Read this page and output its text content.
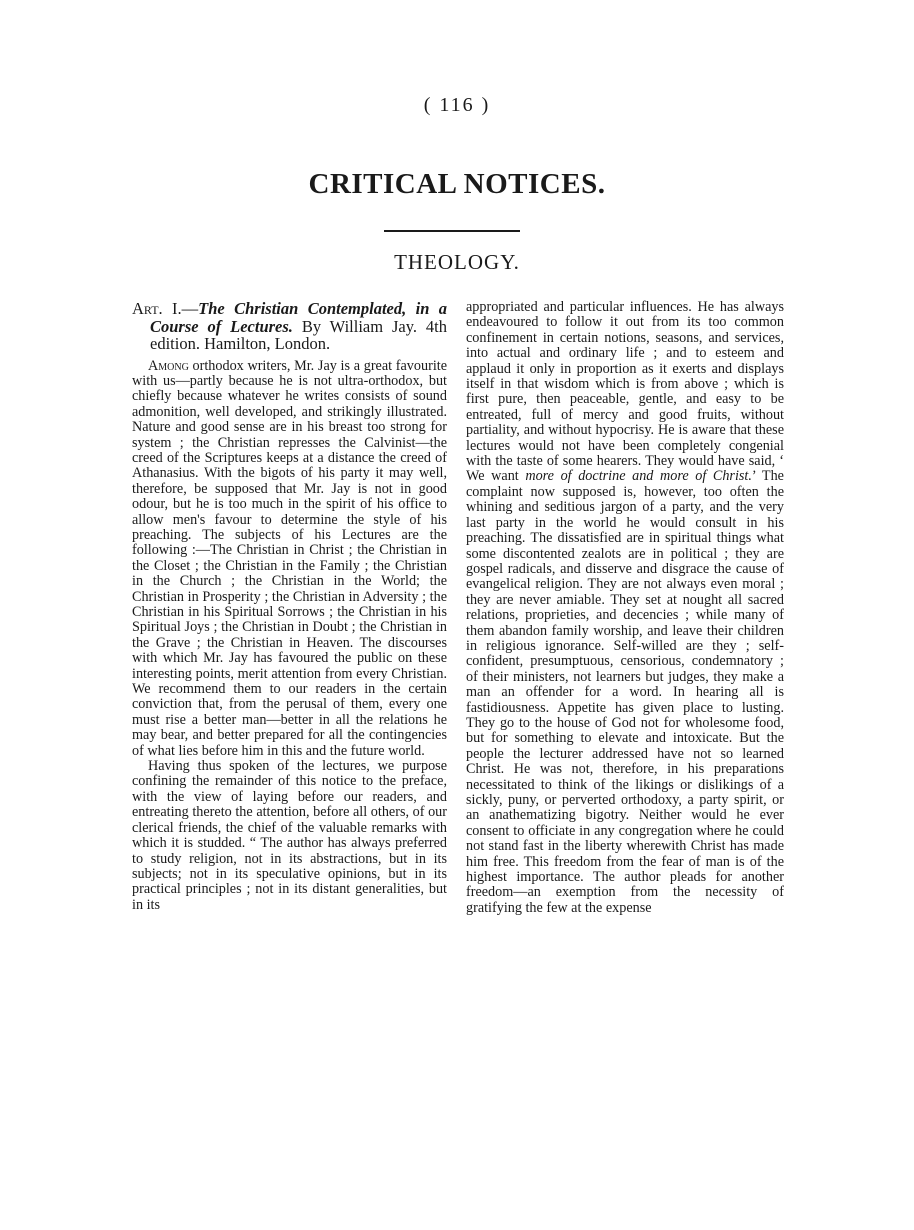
( 116 )
CRITICAL NOTICES.
THEOLOGY.
Art. I.—The Christian Contemplated, in a Course of Lectures. By William Jay. 4th edition. Hamilton, London.

Among orthodox writers, Mr. Jay is a great favourite with us—partly because he is not ultra-orthodox, but chiefly because whatever he writes consists of sound admonition, well developed, and strikingly illustrated. Nature and good sense are in his breast too strong for system ; the Christian represses the Calvinist—the creed of the Scriptures keeps at a distance the creed of Athanasius. With the bigots of his party it may well, therefore, be supposed that Mr. Jay is not in good odour, but he is too much in the spirit of his office to allow men's favour to determine the style of his preaching. The subjects of his Lectures are the following :—The Christian in Christ ; the Christian in the Closet ; the Christian in the Family ; the Christian in the Church ; the Christian in the World; the Christian in Prosperity ; the Christian in Adversity ; the Christian in his Spiritual Sorrows ; the Christian in his Spiritual Joys ; the Christian in Doubt ; the Christian in the Grave ; the Christian in Heaven. The discourses with which Mr. Jay has favoured the public on these interesting points, merit attention from every Christian. We recommend them to our readers in the certain conviction that, from the perusal of them, every one must rise a better man—better in all the relations he may bear, and better prepared for all the contingencies of what lies before him in this and the future world.

Having thus spoken of the lectures, we purpose confining the remainder of this notice to the preface, with the view of laying before our readers, and entreating thereto the attention, before all others, of our clerical friends, the chief of the valuable remarks with which it is studded. “ The author has always preferred to study religion, not in its abstractions, but in its subjects; not in its speculative opinions, but in its practical principles ; not in its distant generalities, but in its

appropriated and particular influences. He has always endeavoured to follow it out from its too common confinement in certain notions, seasons, and services, into actual and ordinary life ; and to esteem and applaud it only in proportion as it exerts and displays itself in that wisdom which is from above ; which is first pure, then peaceable, gentle, and easy to be entreated, full of mercy and good fruits, without partiality, and without hypocrisy. He is aware that these lectures would not have been completely congenial with the taste of some hearers. They would have said, ‘ We want more of doctrine and more of Christ.’ The complaint now supposed is, however, too often the whining and seditious jargon of a party, and the very last party in the world he would consult in his preaching. The dissatisfied are in spiritual things what some discontented zealots are in political ; they are gospel radicals, and disserve and disgrace the cause of evangelical religion. They are not always even moral ; they are never amiable. They set at nought all sacred relations, proprieties, and decencies ; while many of them abandon family worship, and leave their children in religious ignorance. Self-willed are they ; self-confident, presumptuous, censorious, condemnatory ; of their ministers, not learners but judges, they make a man an offender for a word. In hearing all is fastidiousness. Appetite has given place to lusting. They go to the house of God not for wholesome food, but for something to elevate and intoxicate. But the people the lecturer addressed have not so learned Christ. He was not, therefore, in his preparations necessitated to think of the likings or dislikings of a sickly, puny, or perverted orthodoxy, a party spirit, or an anathematizing bigotry. Neither would he ever consent to officiate in any congregation where he could not stand fast in the liberty wherewith Christ has made him free. This freedom from the fear of man is of the highest importance. The author pleads for another freedom—an exemption from the necessity of gratifying the few at the expense
